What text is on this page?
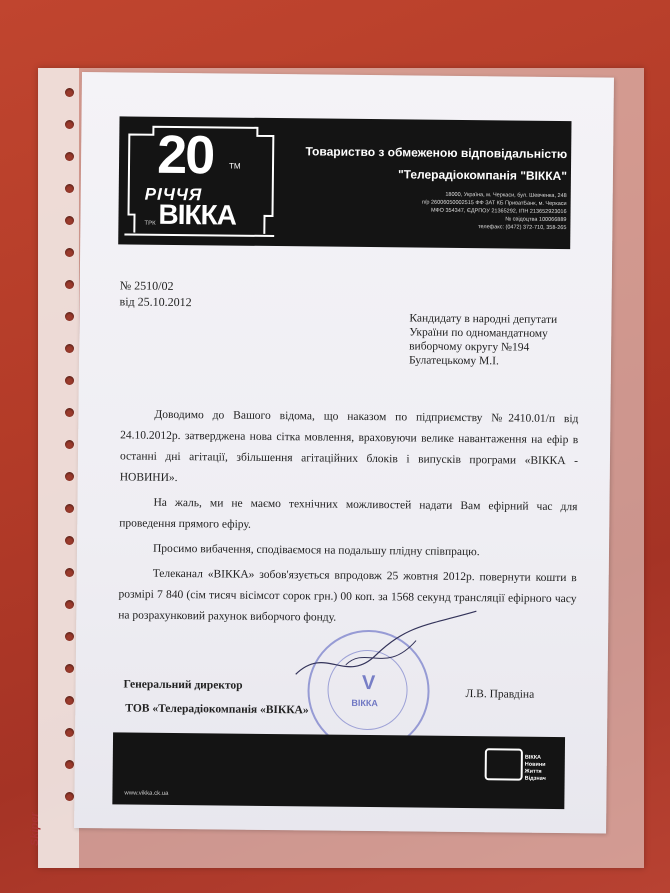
Skiper
20 TM
РІЧЧЯ
ВІККА
ТРК
Товариство з обмеженою відповідальністю
"Телерадіокомпанія "ВІККА"
18000, Україна, м. Черкаси, бул. Шевченка, 248
п/р 26006050002515 ФФ ЗАТ КБ ПриватБанк, м. Черкаси
МФО 354347, ЄДРПОУ 21365292, ІПН 213652923016
№ свідоцтва 100066889
телефакс: (0472) 372-710, 358-265
№ 2510/02
від 25.10.2012
Кандидату в народні депутати
України по одномандатному
виборчому округу №194
Булатецькому М.І.

Доводимо до Вашого відома, що наказом по підприємству №2410.01/п від 24.10.2012р. затверджена нова сітка мовлення, враховуючи велике навантаження на ефір в останні дні агітації, збільшення агітаційних блоків і випусків програми «ВІККА - НОВИНИ».

На жаль, ми не маємо технічних можливостей надати Вам ефірний час для проведення прямого ефіру.

Просимо вибачення, сподіваємося на подальшу плідну співпрацю.

Телеканал «ВІККА» зобов'язується впродовж 25 жовтня 2012р. повернути кошти в розмірі 7 840 (сім тисяч вісімсот сорок грн.) 00 коп. за 1568 секунд трансляції ефірного часу на розрахунковий рахунок виборчого фонду.

V
ВІККА
Генеральний директор
ТОВ «Телерадіокомпанія «ВІККА»
Л.В. Правдіна
www.vikka.ck.ua
ВІККА
Новини
Життя
Відзнач
